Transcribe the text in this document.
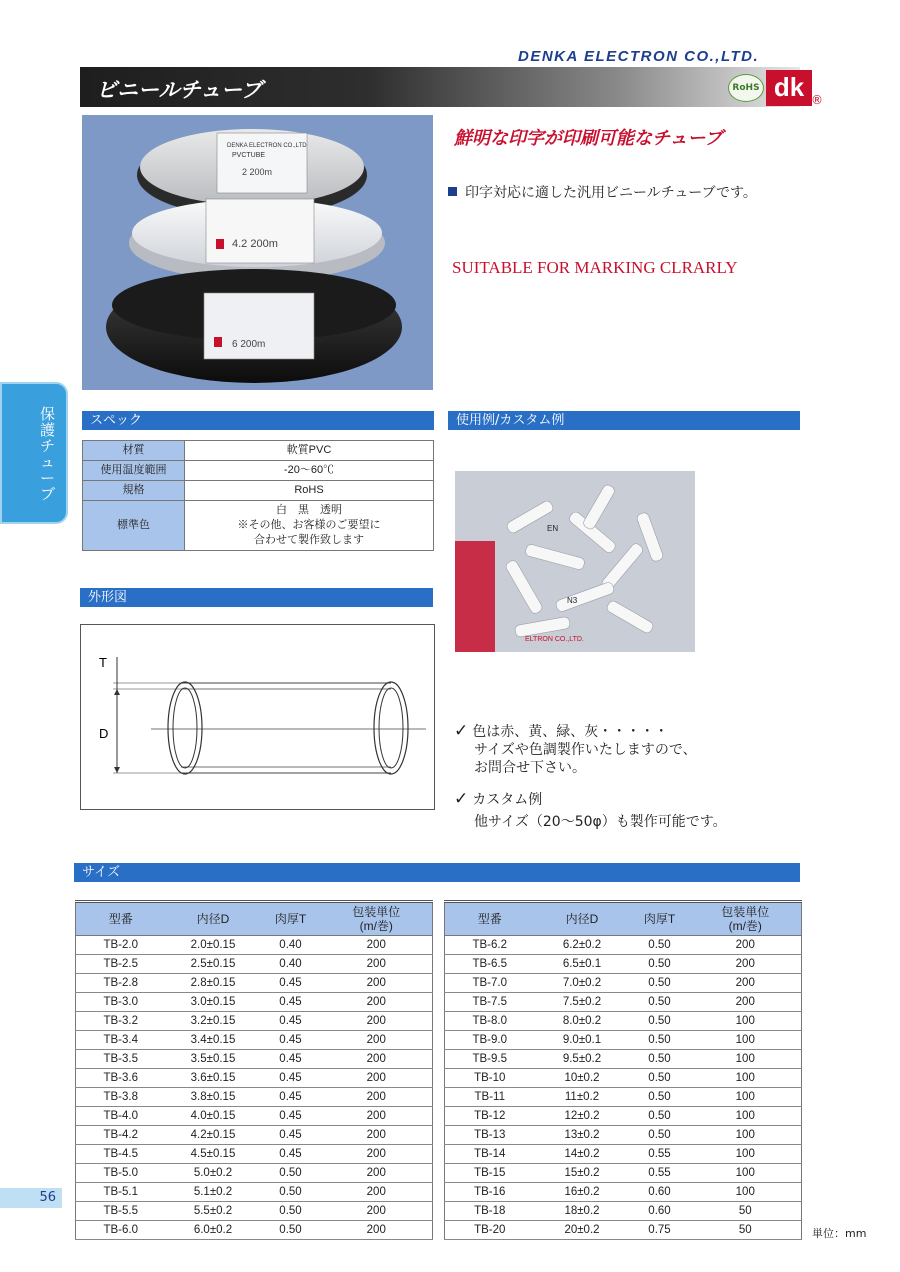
DENKA ELECTRON CO.,LTD.
ビニールチューブ	RoHS dk ®
保護チューブ
DENKA ELECTRON CO.,LTD
PVCTUBE
2 200m
4.2 200m
6 200m
鮮明な印字が印刷可能なチューブ
印字対応に適した汎用ビニールチューブです。
SUITABLE FOR MARKING CLRARLY
スペック
材質	軟質PVC
使用温度範囲	-20～60℃
規格	RoHS
標準色	白　黒　透明
※その他、お客様のご要望に
合わせて製作致します
外形図
T
D
使用例/カスタム例
EN
N3
ELTRON CO.,LTD.
✓ 色は赤、黄、緑、灰・・・・・
サイズや色調製作いたしますので、
お問合せ下さい。
✓ カスタム例
他サイズ（20～50φ）も製作可能です。
サイズ
型番	内径D	肉厚T	包装単位
(m/巻)

TB-2.0	2.0±0.15	0.40	200
TB-2.5	2.5±0.15	0.40	200
TB-2.8	2.8±0.15	0.45	200
TB-3.0	3.0±0.15	0.45	200
TB-3.2	3.2±0.15	0.45	200
TB-3.4	3.4±0.15	0.45	200
TB-3.5	3.5±0.15	0.45	200
TB-3.6	3.6±0.15	0.45	200
TB-3.8	3.8±0.15	0.45	200
TB-4.0	4.0±0.15	0.45	200
TB-4.2	4.2±0.15	0.45	200
TB-4.5	4.5±0.15	0.45	200
TB-5.0	5.0±0.2	0.50	200
TB-5.1	5.1±0.2	0.50	200
TB-5.5	5.5±0.2	0.50	200
TB-6.0	6.0±0.2	0.50	200
型番	内径D	肉厚T	包装単位
(m/巻)

TB-6.2	6.2±0.2	0.50	200
TB-6.5	6.5±0.1	0.50	200
TB-7.0	7.0±0.2	0.50	200
TB-7.5	7.5±0.2	0.50	200
TB-8.0	8.0±0.2	0.50	100
TB-9.0	9.0±0.1	0.50	100
TB-9.5	9.5±0.2	0.50	100
TB-10	10±0.2	0.50	100
TB-11	11±0.2	0.50	100
TB-12	12±0.2	0.50	100
TB-13	13±0.2	0.50	100
TB-14	14±0.2	0.55	100
TB-15	15±0.2	0.55	100
TB-16	16±0.2	0.60	100
TB-18	18±0.2	0.60	50
TB-20	20±0.2	0.75	50	単位：mm
56
